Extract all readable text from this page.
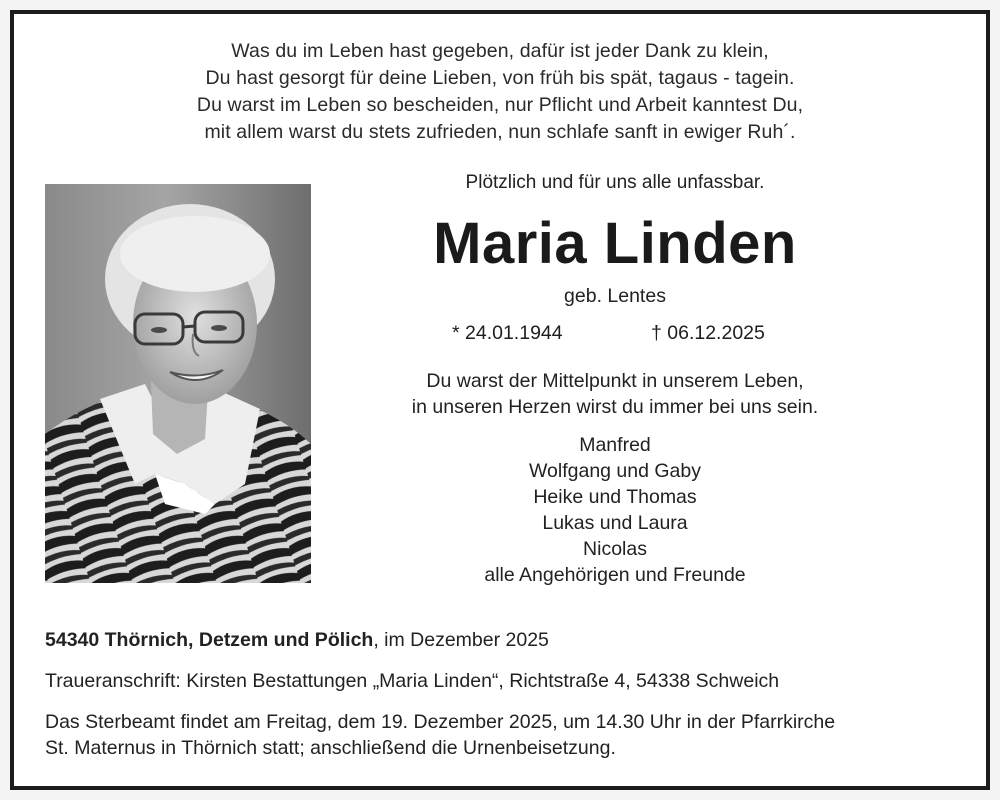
Was du im Leben hast gegeben, dafür ist jeder Dank zu klein,
Du hast gesorgt für deine Lieben, von früh bis spät, tagaus - tagein.
Du warst im Leben so bescheiden, nur Pflicht und Arbeit kanntest Du,
mit allem warst du stets zufrieden, nun schlafe sanft in ewiger Ruh´.
Plötzlich und für uns alle unfassbar.
Maria Linden
geb. Lentes
* 24.01.1944	† 06.12.2025
Du warst der Mittelpunkt in unserem Leben,
in unseren Herzen wirst du immer bei uns sein.
Manfred
Wolfgang und Gaby
Heike und Thomas
Lukas und Laura
Nicolas
alle Angehörigen und Freunde
54340 Thörnich, Detzem und Pölich, im Dezember 2025
Traueranschrift: Kirsten Bestattungen „Maria Linden“, Richtstraße 4, 54338 Schweich
Das Sterbeamt findet am Freitag, dem 19. Dezember 2025, um 14.30 Uhr in der Pfarrkirche
St. Maternus in Thörnich statt; anschließend die Urnenbeisetzung.
